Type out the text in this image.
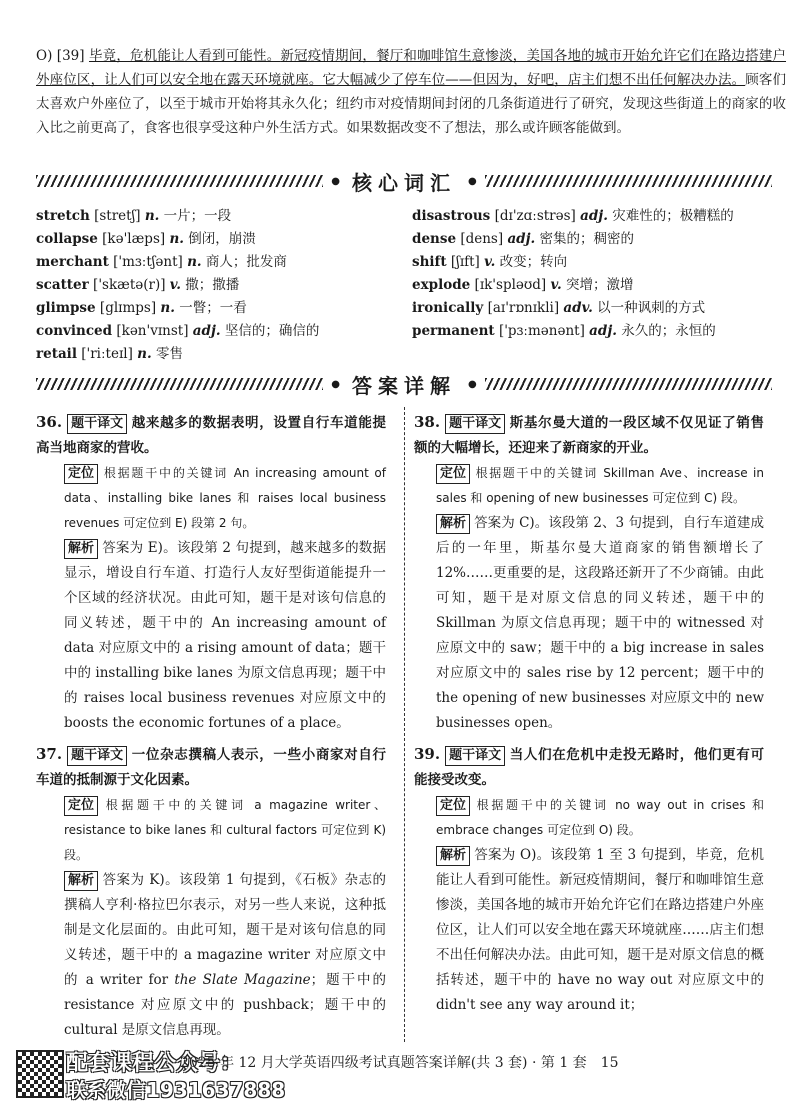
O) [39] 毕竟，危机能让人看到可能性。新冠疫情期间，餐厅和咖啡馆生意惨淡，美国各地的城市开始允许它们在路边搭建户外座位区，让人们可以安全地在露天环境就座。它大幅减少了停车位——但因为，好吧，店主们想不出任何解决办法。顾客们太喜欢户外座位了，以至于城市开始将其永久化；纽约市对疫情期间封闭的几条街道进行了研究，发现这些街道上的商家的收入比之前更高了，食客也很享受这种户外生活方式。如果数据改变不了想法，那么或许顾客能做到。

● 核心词汇 ●
stretch [stretʃ] n. 一片；一段
collapse [kə'læps] n. 倒闭，崩溃
merchant ['mɜːtʃənt] n. 商人；批发商
scatter ['skætə(r)] v. 撒；撒播
glimpse [glɪmps] n. 一瞥；一看
convinced [kən'vɪnst] adj. 坚信的；确信的
retail ['riːteɪl] n. 零售
disastrous [dɪ'zɑːstrəs] adj. 灾难性的；极糟糕的
dense [dens] adj. 密集的；稠密的
shift [ʃɪft] v. 改变；转向
explode [ɪk'spləʊd] v. 突增；激增
ironically [aɪ'rɒnɪkli] adv. 以一种讽刺的方式
permanent ['pɜːmənənt] adj. 永久的；永恒的
● 答案详解 ●
36. 题干译文 越来越多的数据表明，设置自行车道能提高当地商家的营收。
定位 根据题干中的关键词 An increasing amount of data、installing bike lanes 和 raises local business revenues 可定位到 E) 段第 2 句。
解析 答案为 E)。该段第 2 句提到，越来越多的数据显示，增设自行车道、打造行人友好型街道能提升一个区域的经济状况。由此可知，题干是对该句信息的同义转述，题干中的 An increasing amount of data 对应原文中的 a rising amount of data；题干中的 installing bike lanes 为原文信息再现；题干中的 raises local business revenues 对应原文中的 boosts the economic fortunes of a place。
37. 题干译文 一位杂志撰稿人表示，一些小商家对自行车道的抵制源于文化因素。
定位 根据题干中的关键词 a magazine writer、resistance to bike lanes 和 cultural factors 可定位到 K) 段。
解析 答案为 K)。该段第 1 句提到，《石板》杂志的撰稿人亨利·格拉巴尔表示，对另一些人来说，这种抵制是文化层面的。由此可知，题干是对该句信息的同义转述，题干中的 a magazine writer 对应原文中的 a writer for the Slate Magazine；题干中的 resistance 对应原文中的 pushback；题干中的 cultural 是原文信息再现。
38. 题干译文 斯基尔曼大道的一段区域不仅见证了销售额的大幅增长，还迎来了新商家的开业。
定位 根据题干中的关键词 Skillman Ave、increase in sales 和 opening of new businesses 可定位到 C) 段。
解析 答案为 C)。该段第 2、3 句提到，自行车道建成后的一年里，斯基尔曼大道商家的销售额增长了 12%……更重要的是，这段路还新开了不少商铺。由此可知，题干是对原文信息的同义转述，题干中的 Skillman 为原文信息再现；题干中的 witnessed 对应原文中的 saw；题干中的 a big increase in sales 对应原文中的 sales rise by 12 percent；题干中的 the opening of new businesses 对应原文中的 new businesses open。
39. 题干译文 当人们在危机中走投无路时，他们更有可能接受改变。
定位 根据题干中的关键词 no way out in crises 和 embrace changes 可定位到 O) 段。
解析 答案为 O)。该段第 1 至 3 句提到，毕竟，危机能让人看到可能性。新冠疫情期间，餐厅和咖啡馆生意惨淡，美国各地的城市开始允许它们在路边搭建户外座位区，让人们可以安全地在露天环境就座……店主们想不出任何解决办法。由此可知，题干是对原文信息的概括转述，题干中的 have no way out 对应原文中的 didn't see any way around it；
配套课程公众号：
联系微信1931637888
2025 年 12 月大学英语四级考试真题答案详解(共 3 套) · 第 1 套　15
